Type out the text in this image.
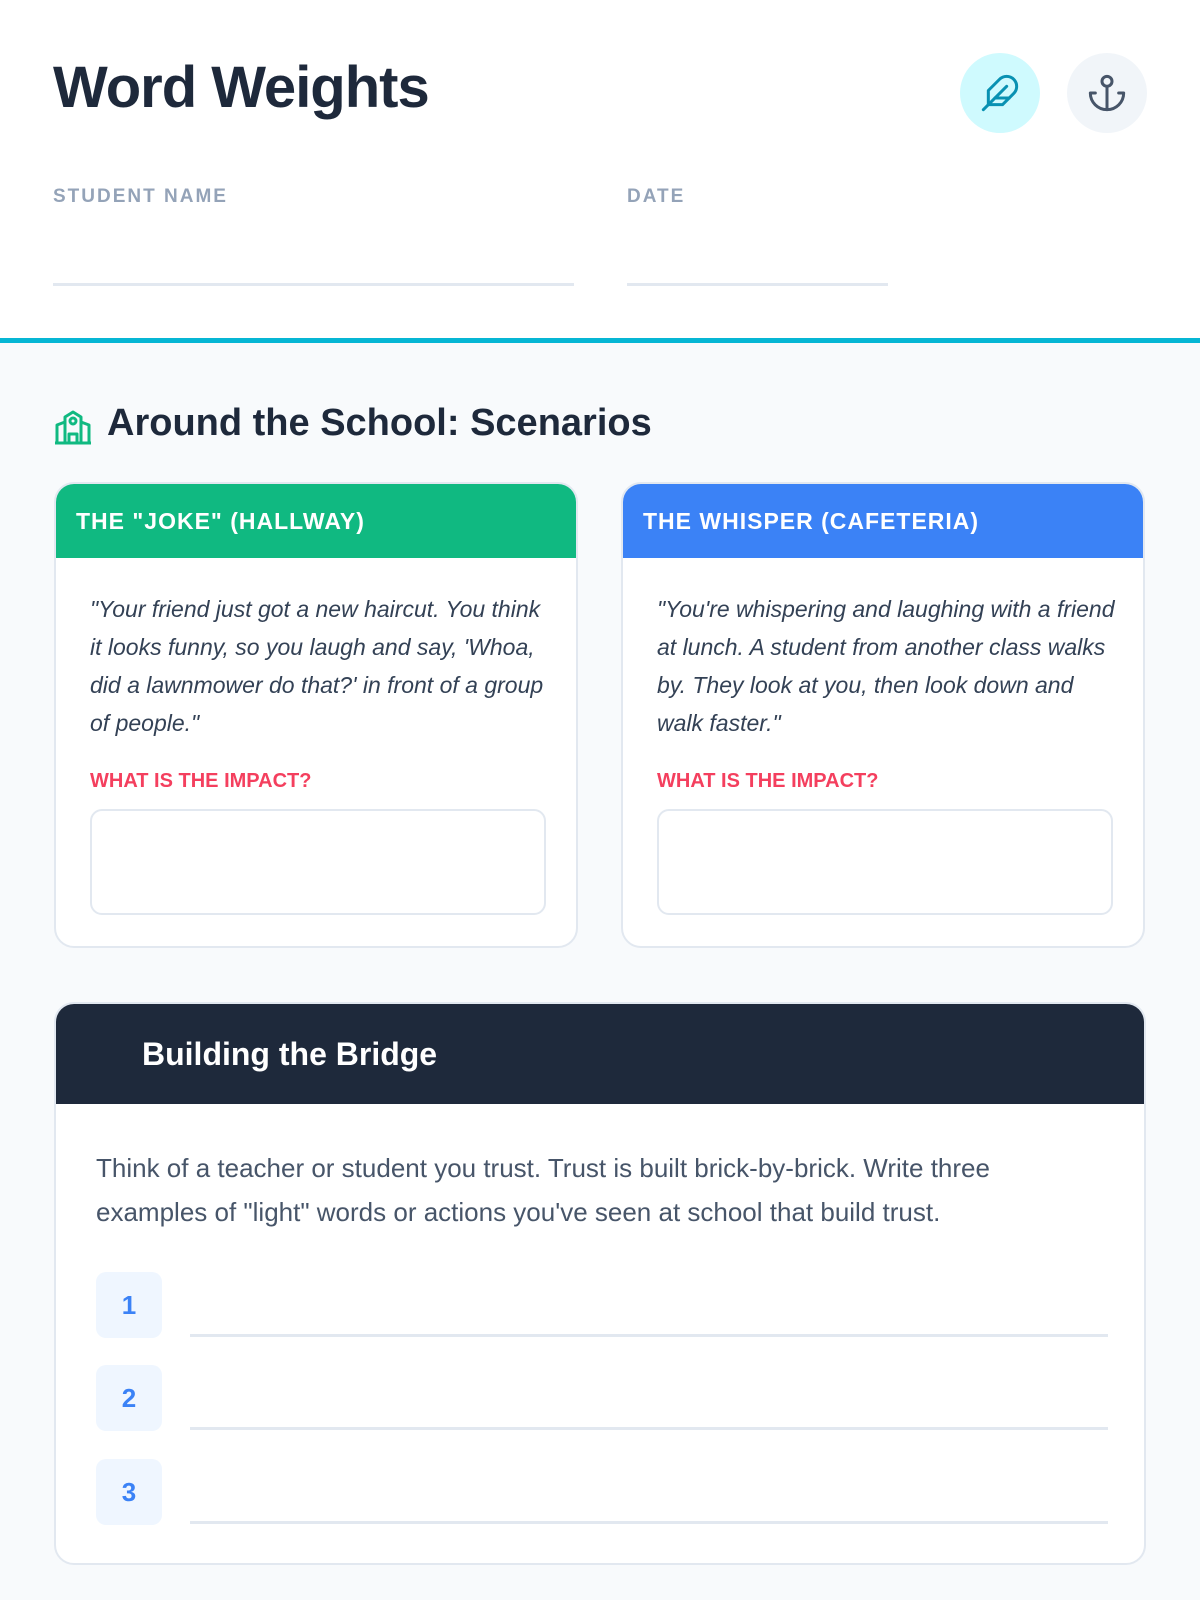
Word Weights
STUDENT NAME	DATE
Around the School: Scenarios
THE "JOKE" (HALLWAY)

"Your friend just got a new haircut. You think it looks funny, so you laugh and say, 'Whoa, did a lawnmower do that?' in front of a group of people."

WHAT IS THE IMPACT?
THE WHISPER (CAFETERIA)

"You're whispering and laughing with a friend at lunch. A student from another class walks by. They look at you, then look down and walk faster."

WHAT IS THE IMPACT?
Building the Bridge

Think of a teacher or student you trust. Trust is built brick-by-brick. Write three examples of "light" words or actions you've seen at school that build trust.

1
2
3
